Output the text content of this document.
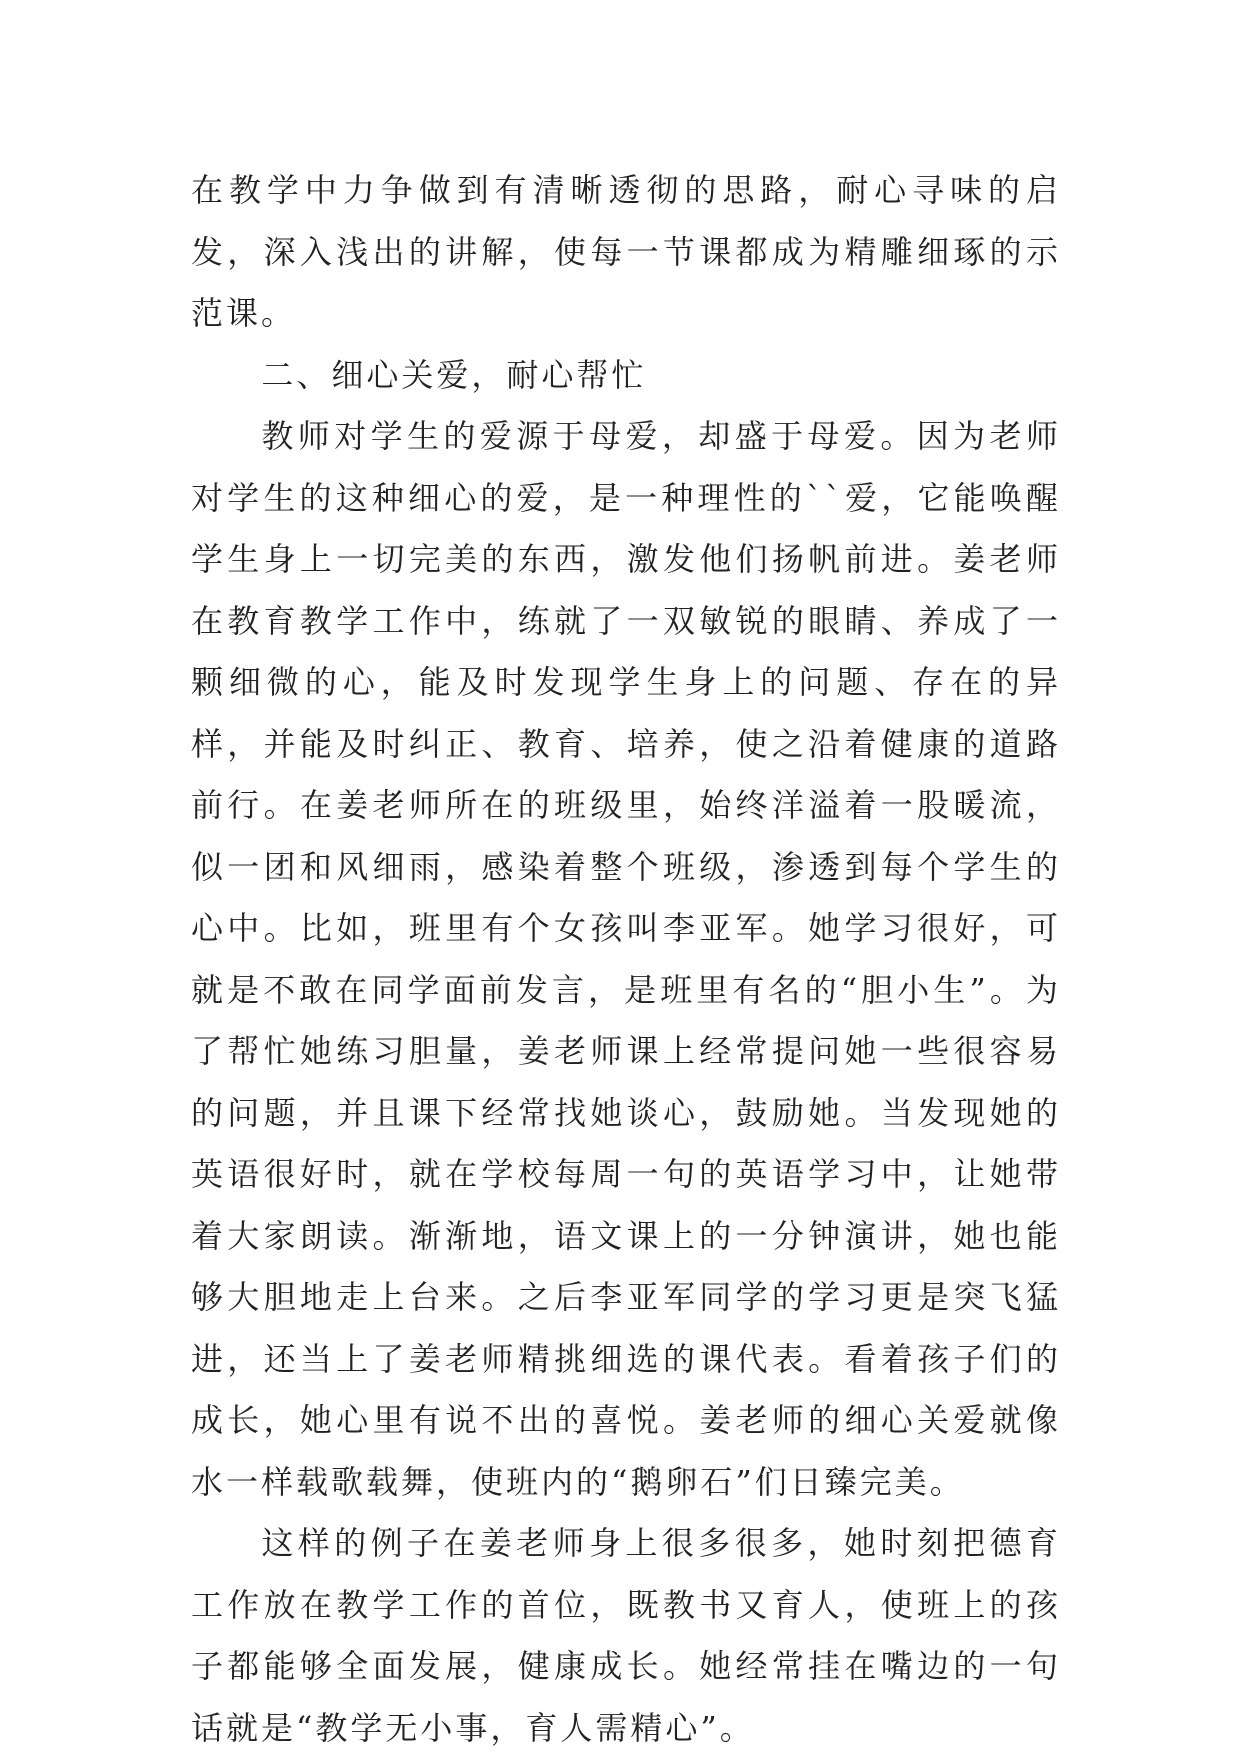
在教学中力争做到有清晰透彻的思路，耐心寻味的启发，深入浅出的讲解，使每一节课都成为精雕细琢的示范课。

二、细心关爱，耐心帮忙

教师对学生的爱源于母爱，却盛于母爱。因为老师对学生的这种细心的爱，是一种理性的``爱，它能唤醒学生身上一切完美的东西，激发他们扬帆前进。姜老师在教育教学工作中，练就了一双敏锐的眼睛、养成了一颗细微的心，能及时发现学生身上的问题、存在的异样，并能及时纠正、教育、培养，使之沿着健康的道路前行。在姜老师所在的班级里，始终洋溢着一股暖流，似一团和风细雨，感染着整个班级，渗透到每个学生的心中。比如，班里有个女孩叫李亚军。她学习很好，可就是不敢在同学面前发言，是班里有名的“胆小生”。为了帮忙她练习胆量，姜老师课上经常提问她一些很容易的问题，并且课下经常找她谈心，鼓励她。当发现她的英语很好时，就在学校每周一句的英语学习中，让她带着大家朗读。渐渐地，语文课上的一分钟演讲，她也能够大胆地走上台来。之后李亚军同学的学习更是突飞猛进，还当上了姜老师精挑细选的课代表。看着孩子们的成长，她心里有说不出的喜悦。姜老师的细心关爱就像水一样载歌载舞，使班内的“鹅卵石”们日臻完美。

这样的例子在姜老师身上很多很多，她时刻把德育工作放在教学工作的首位，既教书又育人，使班上的孩子都能够全面发展，健康成长。她经常挂在嘴边的一句话就是“教学无小事，育人需精心”。
